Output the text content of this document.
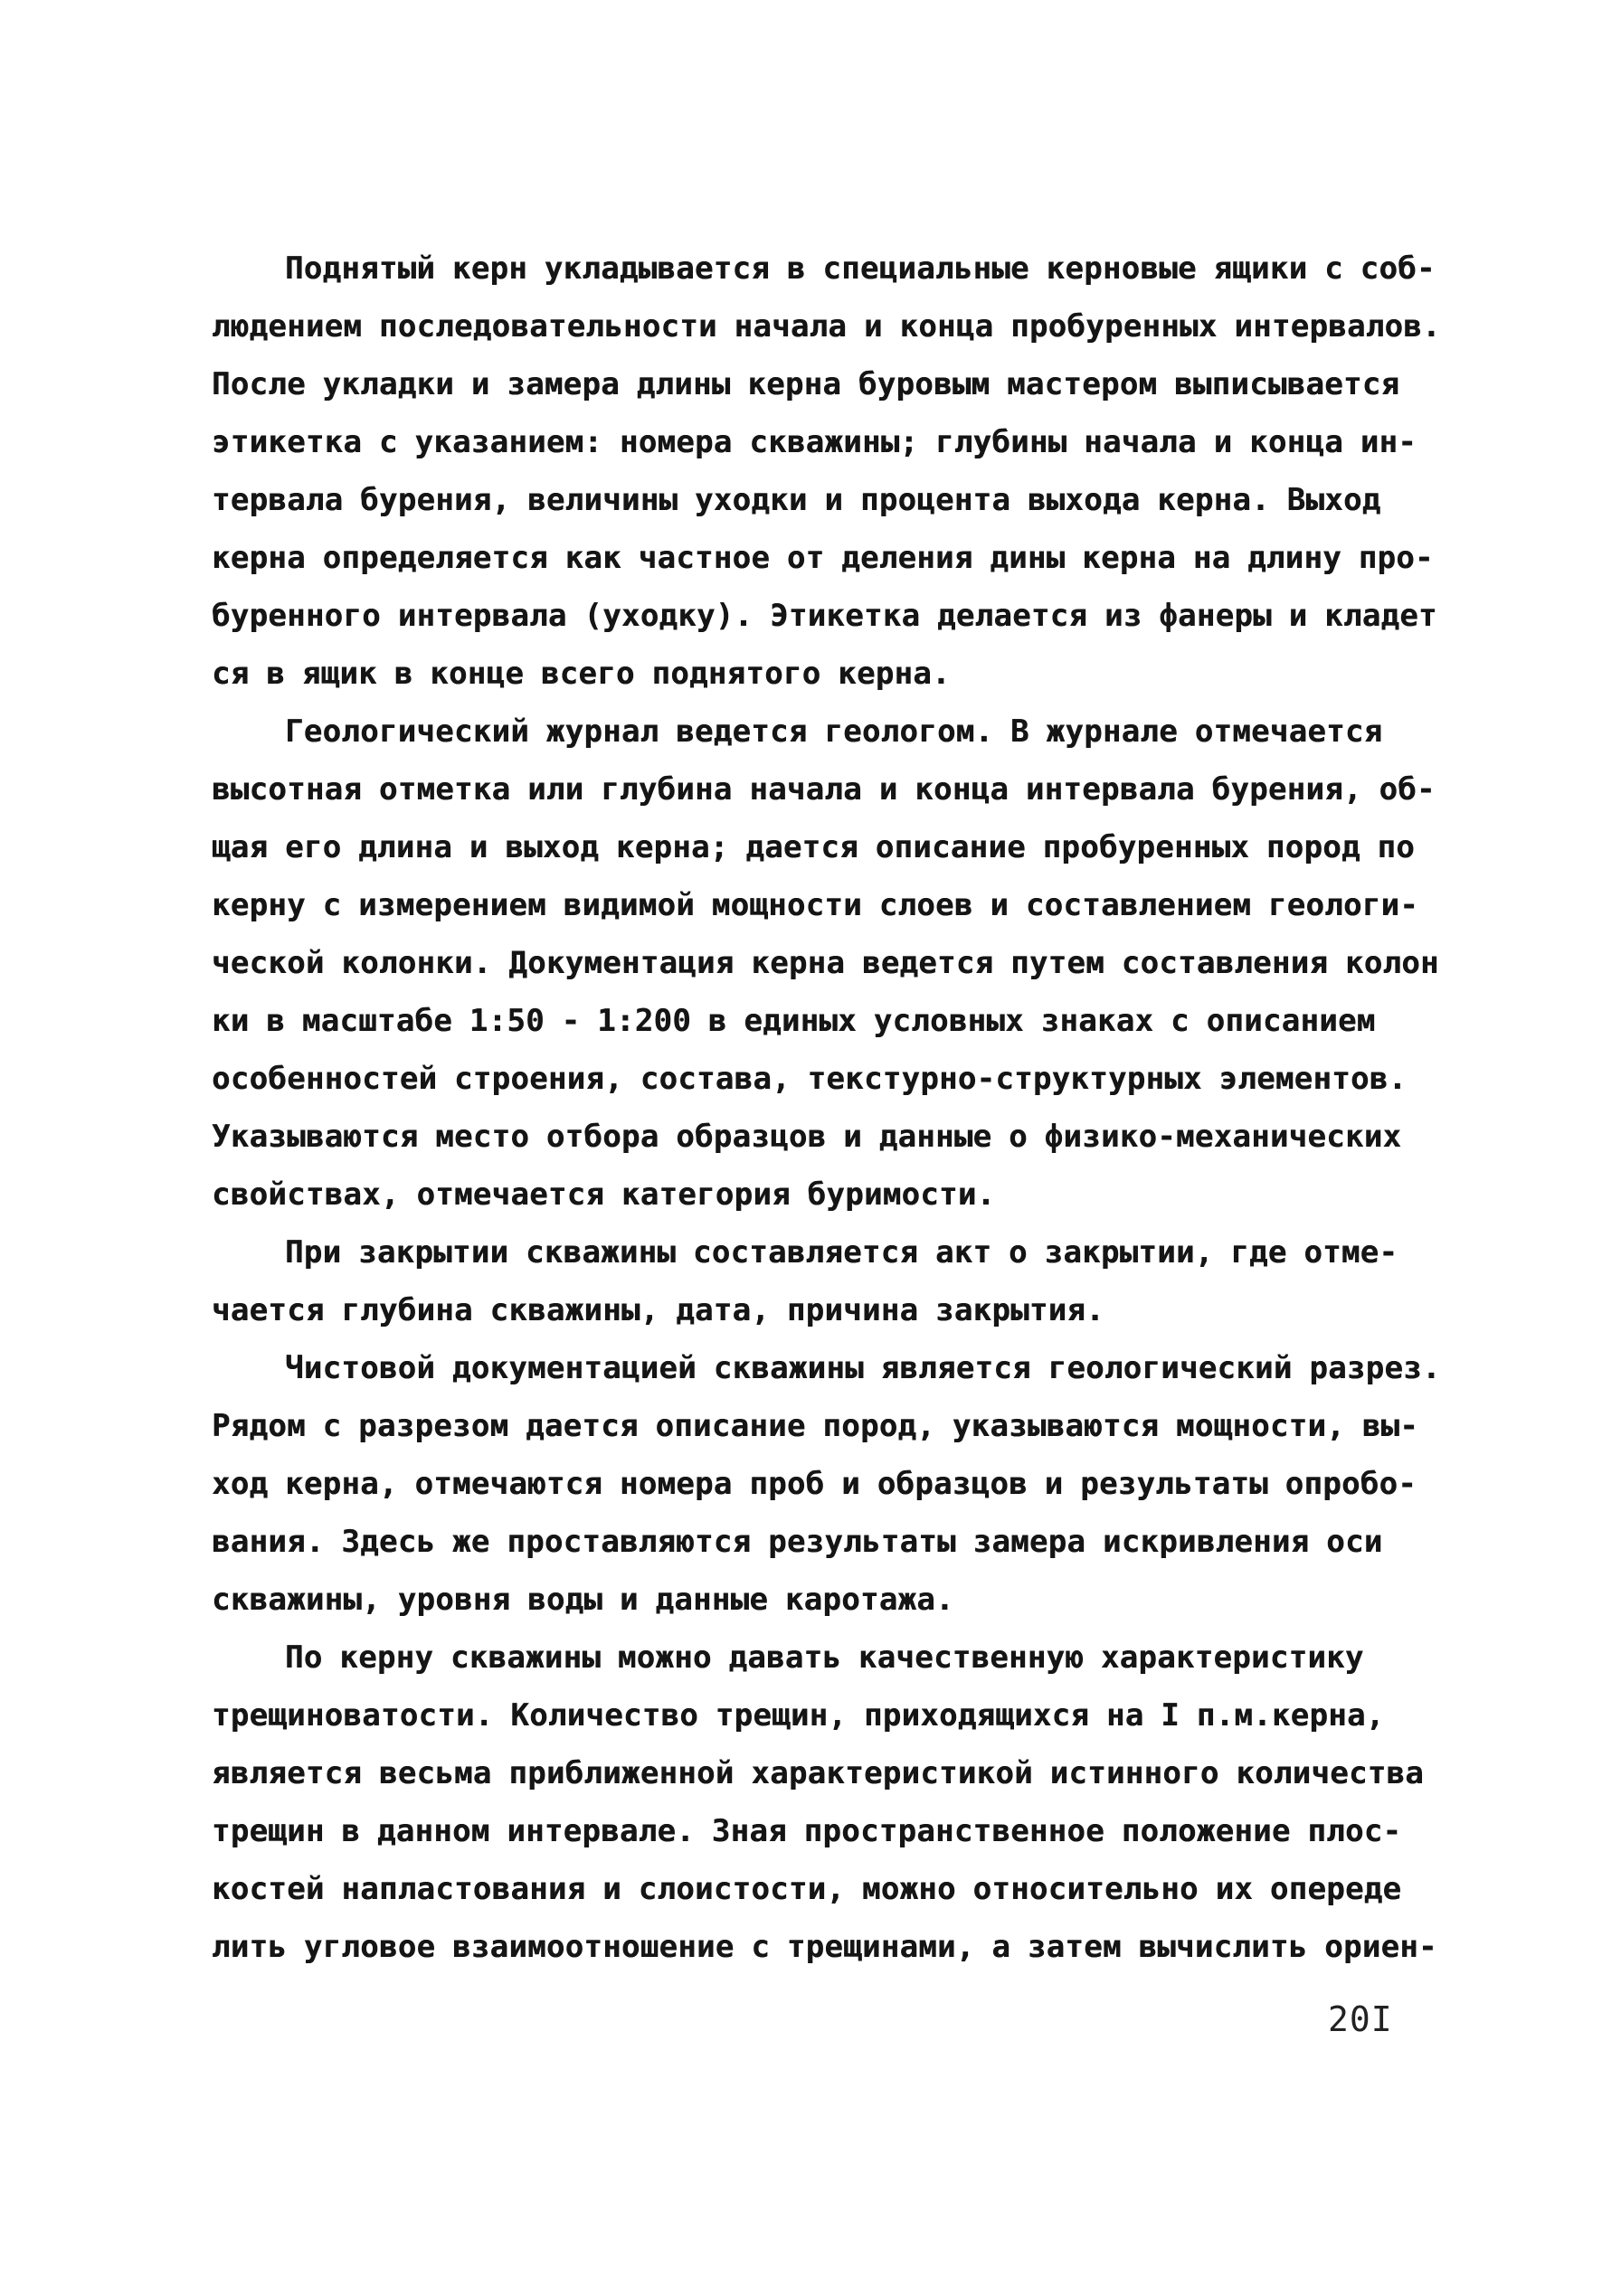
Поднятый керн укладывается в специальные керновые ящики с соб-
людением последовательности начала и конца пробуренных интервалов.
После укладки и замера длины керна буровым мастером выписывается
этикетка с указанием: номера скважины; глубины начала и конца ин-
тервала бурения, величины уходки и процента выхода керна. Выход
керна определяется как частное от деления дины керна на длину про-
буренного интервала (уходку). Этикетка делается из фанеры и кладет
ся в ящик в конце всего поднятого керна.
Геологический журнал ведется геологом. В журнале отмечается
высотная отметка или глубина начала и конца интервала бурения, об-
щая его длина и выход керна; дается описание пробуренных пород по
керну с измерением видимой мощности слоев и составлением геологи-
ческой колонки. Документация керна ведется путем составления колон
ки в масштабе 1:50 - 1:200 в единых условных знаках с описанием
особенностей строения, состава, текстурно-структурных элементов.
Указываются место отбора образцов и данные о физико-механических
свойствах, отмечается категория буримости.
При закрытии скважины составляется акт о закрытии, где отме-
чается глубина скважины, дата, причина закрытия.
Чистовой документацией скважины является геологический разрез.
Рядом с разрезом дается описание пород, указываются мощности, вы-
ход керна, отмечаются номера проб и образцов и результаты опробо-
вания. Здесь же проставляются результаты замера искривления оси
скважины, уровня воды и данные каротажа.
По керну скважины можно давать качественную характеристику
трещиноватости. Количество трещин, приходящихся на I п.м.керна,
является весьма приближенной характеристикой истинного количества
трещин в данном интервале. Зная пространственное положение плос-
костей напластования и слоистости, можно относительно их опереде
лить угловое взаимоотношение с трещинами, а затем вычислить ориен-
20I
